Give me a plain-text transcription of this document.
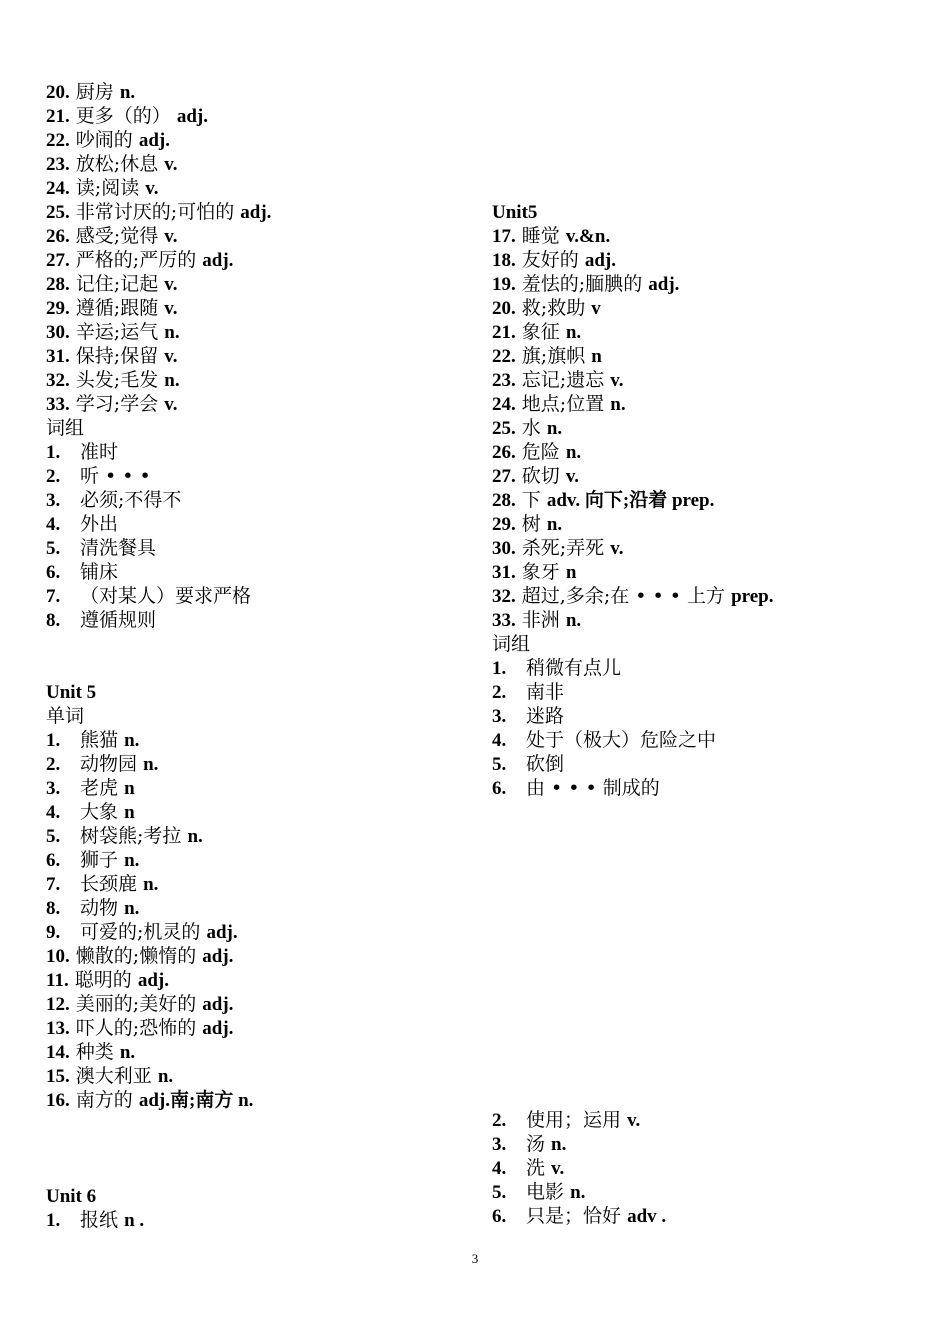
20. 厨房 n.
21. 更多（的） adj.
22. 吵闹的 adj.
23. 放松;休息 v.
24. 读;阅读 v.
25. 非常讨厌的;可怕的 adj.
26. 感受;觉得 v.
27. 严格的;严厉的 adj.
28. 记住;记起 v.
29. 遵循;跟随 v.
30. 辛运;运气 n.
31. 保持;保留 v.
32. 头发;毛发 n.
33. 学习;学会 v.
词组
1. 准时
2. 听 • • •
3. 必须;不得不
4. 外出
5. 清洗餐具
6. 铺床
7. （对某人）要求严格
8. 遵循规则
Unit 5
单词
1. 熊猫 n.
2. 动物园 n.
3. 老虎 n
4. 大象 n
5. 树袋熊;考拉 n.
6. 狮子 n.
7. 长颈鹿 n.
8. 动物 n.
9. 可爱的;机灵的 adj.
10. 懒散的;懒惰的 adj.
11. 聪明的 adj.
12. 美丽的;美好的 adj.
13. 吓人的;恐怖的 adj.
14. 种类 n.
15. 澳大利亚 n.
16. 南方的 adj.南;南方 n.
Unit 6
1. 报纸 n .
Unit5
17. 睡觉 v.&n.
18. 友好的 adj.
19. 羞怯的;腼腆的 adj.
20. 救;救助 v
21. 象征 n.
22. 旗;旗帜 n
23. 忘记;遗忘 v.
24. 地点;位置 n.
25. 水 n.
26. 危险 n.
27. 砍切 v.
28. 下 adv. 向下;沿着 prep.
29. 树 n.
30. 杀死;弄死 v.
31. 象牙 n
32. 超过,多余;在 • • • 上方 prep.
33. 非洲 n.
词组
1. 稍微有点儿
2. 南非
3. 迷路
4. 处于（极大）危险之中
5. 砍倒
6. 由 • • • 制成的
2. 使用；运用 v.
3. 汤 n.
4. 洗 v.
5. 电影 n.
6. 只是；恰好 adv .
3
